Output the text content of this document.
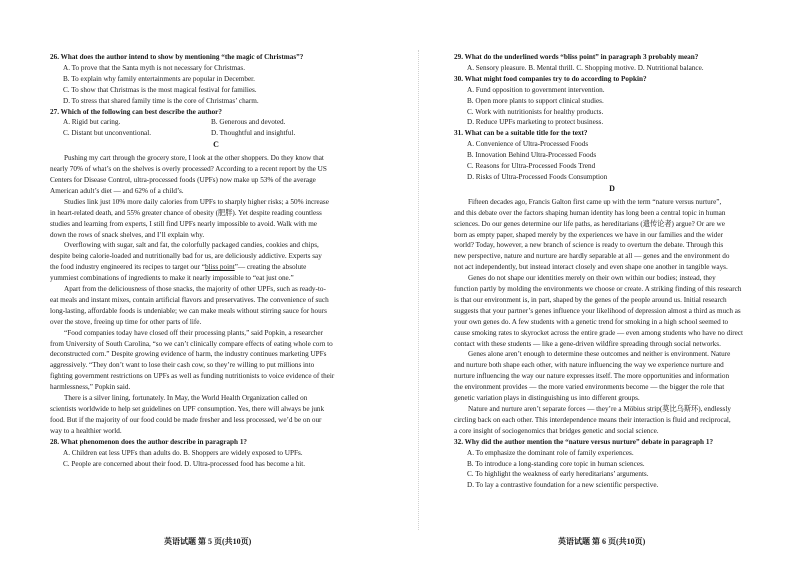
26. What does the author intend to show by mentioning “the magic of Christmas”?
A. To prove that the Santa myth is not necessary for Christmas.
B. To explain why family entertainments are popular in December.
C. To show that Christmas is the most magical festival for families.
D. To stress that shared family time is the core of Christmas’ charm.
27. Which of the following can best describe the author?
A. Rigid but caring.	B. Generous and devoted.
C. Distant but unconventional.	D. Thoughtful and insightful.
C
Pushing my cart through the grocery store, I look at the other shoppers. Do they know that
nearly 70% of what’s on the shelves is overly processed? According to a recent report by the US
Centers for Disease Control, ultra-processed foods (UPFs) now make up 53% of the average
American adult’s diet — and 62% of a child’s.
Studies link just 10% more daily calories from UPFs to sharply higher risks; a 50% increase
in heart-related death, and 55% greater chance of obesity (肥胖). Yet despite reading countless
studies and learning from experts, I still find UPFs nearly impossible to avoid. Walk with me
down the rows of snack shelves, and I’ll explain why.
Overflowing with sugar, salt and fat, the colorfully packaged candies, cookies and chips,
despite being calorie-loaded and nutritionally bad for us, are deliciously addictive. Experts say
the food industry engineered its recipes to target our “bliss point”— creating the absolute
yummiest combinations of ingredients to make it nearly impossible to “eat just one.”
Apart from the deliciousness of those snacks, the majority of other UPFs, such as ready-to-
eat meals and instant mixes, contain artificial flavors and preservatives. The convenience of such
long-lasting, affordable foods is undeniable; we can make meals without stirring sauce for hours
over the stove, freeing up time for other parts of life.
“Food companies today have closed off their processing plants,” said Popkin, a researcher
from University of South Carolina, “so we can’t clinically compare effects of eating whole corn to
deconstructed corn.” Despite growing evidence of harm, the industry continues marketing UPFs
aggressively. “They don’t want to lose their cash cow, so they’re willing to put millions into
fighting government restrictions on UPFs as well as funding nutritionists to voice evidence of their
harmlessness,” Popkin said.
There is a silver lining, fortunately. In May, the World Health Organization called on
scientists worldwide to help set guidelines on UPF consumption. Yes, there will always be junk
food. But if the majority of our food could be made fresher and less processed, we’d be on our
way to a healthier world.
28. What phenomenon does the author describe in paragraph 1?
A. Children eat less UPFs than adults do. B. Shoppers are widely exposed to UPFs.
C. People are concerned about their food. D. Ultra-processed food has become a hit.
29. What do the underlined words “bliss point” in paragraph 3 probably mean?
A. Sensory pleasure. B. Mental thrill. C. Shopping motive. D. Nutritional balance.
30. What might food companies try to do according to Popkin?
A. Fund opposition to government intervention.
B. Open more plants to support clinical studies.
C. Work with nutritionists for healthy products.
D. Reduce UPFs marketing to protect business.
31. What can be a suitable title for the text?
A. Convenience of Ultra-Processed Foods
B. Innovation Behind Ultra-Processed Foods
C. Reasons for Ultra-Processed Foods Trend
D. Risks of Ultra-Processed Foods Consumption
D
Fifteen decades ago, Francis Galton first came up with the term “nature versus nurture”,
and this debate over the factors shaping human identity has long been a central topic in human
sciences. Do our genes determine our life paths, as hereditarians (遗传论者) argue? Or are we
born as empty paper, shaped merely by the experiences we have in our families and the wider
world? Today, however, a new branch of science is ready to overturn the debate. Through this
new perspective, nature and nurture are hardly separable at all — genes and the environment do
not act independently, but instead interact closely and even shape one another in tangible ways.
Genes do not shape our identities merely on their own within our bodies; instead, they
function partly by molding the environments we choose or create. A striking finding of this research
is that our environment is, in part, shaped by the genes of the people around us. Initial research
suggests that your partner’s genes influence your likelihood of depression almost a third as much as
your own genes do. A few students with a genetic trend for smoking in a high school seemed to
cause smoking rates to skyrocket across the entire grade — even among students who have no direct
contact with these students — like a gene-driven wildfire spreading through social networks.
Genes alone aren’t enough to determine these outcomes and neither is environment. Nature
and nurture both shape each other, with nature influencing the way we experience nurture and
nurture influencing the way our nature expresses itself. The more opportunities and information
the environment provides — the more varied environments become — the bigger the role that
genetic variation plays in distinguishing us into different groups.
Nature and nurture aren’t separate forces — they’re a Möbius strip(莫比乌斯环), endlessly
circling back on each other. This interdependence means their interaction is fluid and reciprocal,
a core insight of sociogenomics that bridges genetic and social science.
32. Why did the author mention the “nature versus nurture” debate in paragraph 1?
A. To emphasize the dominant role of family experiences.
B. To introduce a long-standing core topic in human sciences.
C. To highlight the weakness of early hereditarians’ arguments.
D. To lay a contrastive foundation for a new scientific perspective.
英语试题 第 5 页(共10页)	英语试题 第 6 页(共10页)
